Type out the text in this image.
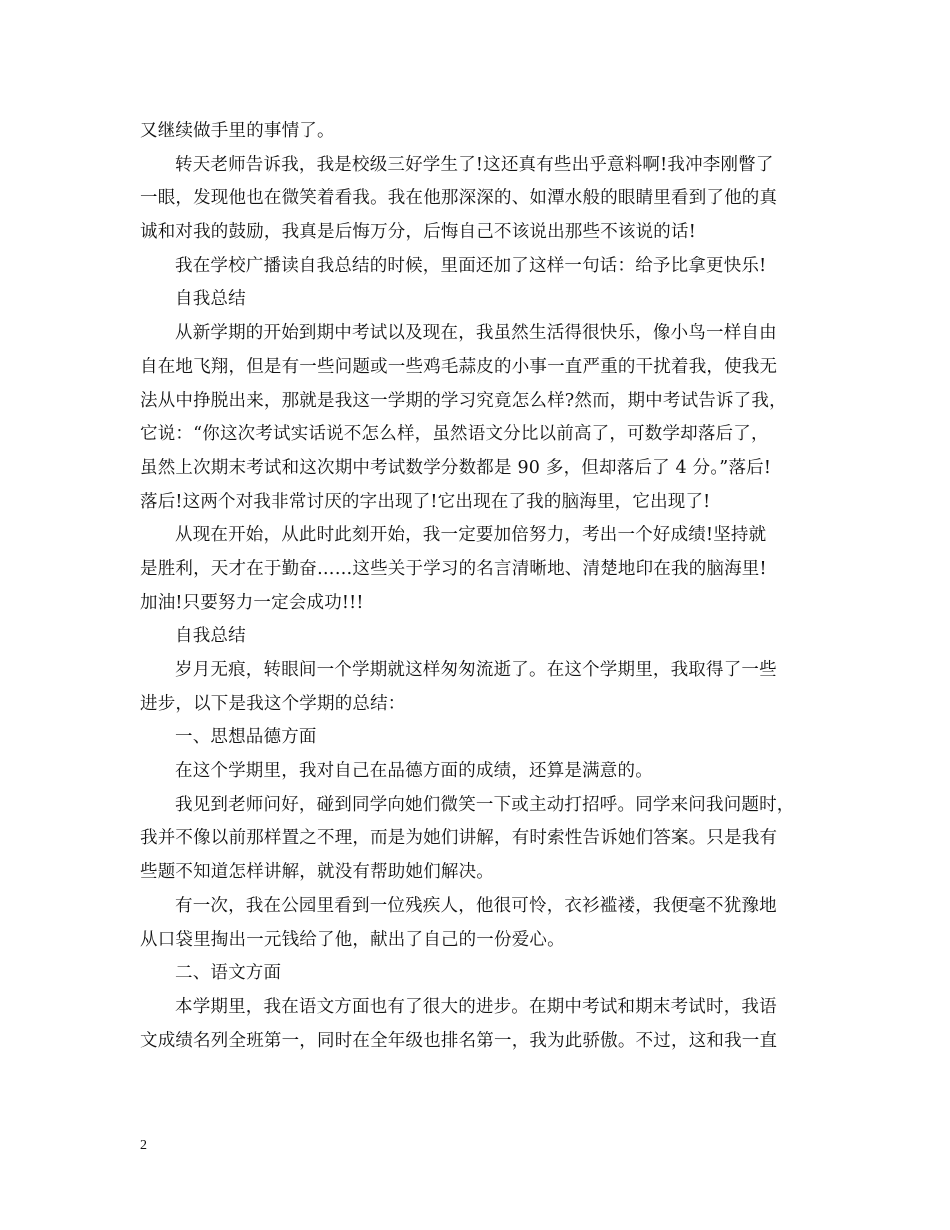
又继续做手里的事情了。
转天老师告诉我，我是校级三好学生了!这还真有些出乎意料啊!我冲李刚瞥了
一眼，发现他也在微笑着看我。我在他那深深的、如潭水般的眼睛里看到了他的真
诚和对我的鼓励，我真是后悔万分，后悔自己不该说出那些不该说的话!
我在学校广播读自我总结的时候，里面还加了这样一句话：给予比拿更快乐!
自我总结
从新学期的开始到期中考试以及现在，我虽然生活得很快乐，像小鸟一样自由
自在地飞翔，但是有一些问题或一些鸡毛蒜皮的小事一直严重的干扰着我，使我无
法从中挣脱出来，那就是我这一学期的学习究竟怎么样?然而，期中考试告诉了我，
它说：“你这次考试实话说不怎么样，虽然语文分比以前高了，可数学却落后了，
虽然上次期末考试和这次期中考试数学分数都是 90 多，但却落后了 4 分。”落后!
落后!这两个对我非常讨厌的字出现了!它出现在了我的脑海里，它出现了!
从现在开始，从此时此刻开始，我一定要加倍努力，考出一个好成绩!坚持就
是胜利，天才在于勤奋……这些关于学习的名言清晰地、清楚地印在我的脑海里!
加油!只要努力一定会成功!!!
自我总结
岁月无痕，转眼间一个学期就这样匆匆流逝了。在这个学期里，我取得了一些
进步，以下是我这个学期的总结：
一、思想品德方面
在这个学期里，我对自己在品德方面的成绩，还算是满意的。
我见到老师问好，碰到同学向她们微笑一下或主动打招呼。同学来问我问题时，
我并不像以前那样置之不理，而是为她们讲解，有时索性告诉她们答案。只是我有
些题不知道怎样讲解，就没有帮助她们解决。
有一次，我在公园里看到一位残疾人，他很可怜，衣衫褴褛，我便毫不犹豫地
从口袋里掏出一元钱给了他，献出了自己的一份爱心。
二、语文方面
本学期里，我在语文方面也有了很大的进步。在期中考试和期末考试时，我语
文成绩名列全班第一，同时在全年级也排名第一，我为此骄傲。不过，这和我一直
2
